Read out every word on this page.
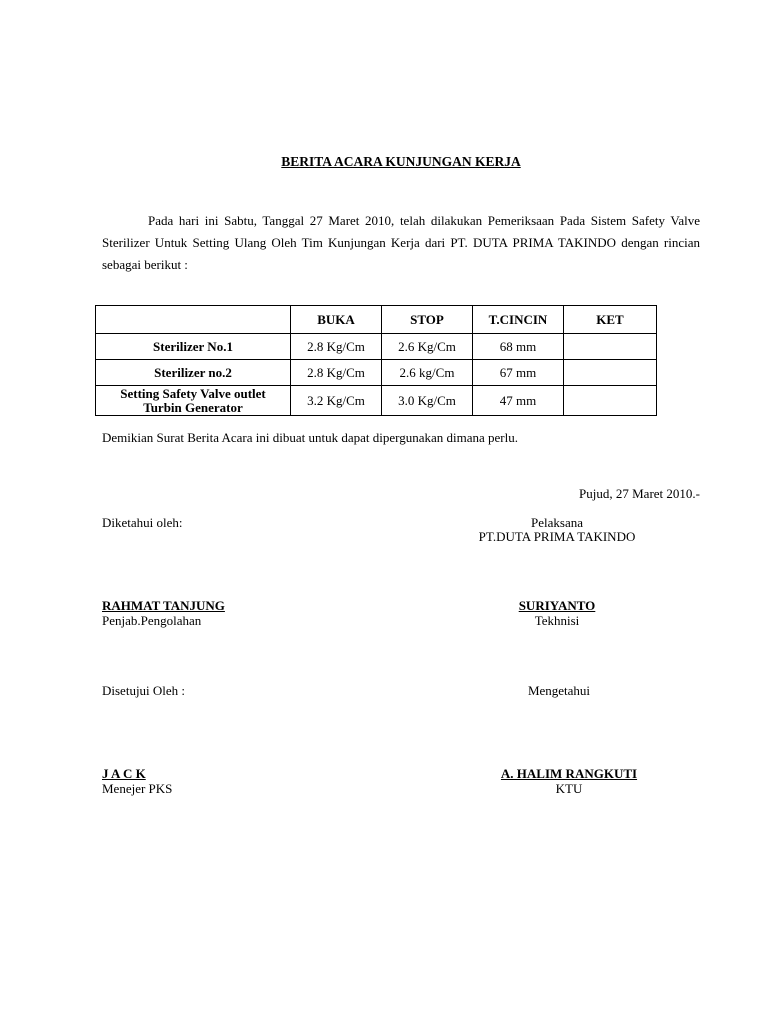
BERITA ACARA KUNJUNGAN KERJA

Pada hari ini Sabtu, Tanggal 27 Maret 2010, telah dilakukan Pemeriksaan Pada Sistem Safety Valve Sterilizer Untuk Setting Ulang Oleh Tim Kunjungan Kerja dari PT. DUTA PRIMA TAKINDO dengan rincian sebagai berikut :

	BUKA	STOP	T.CINCIN	KET
Sterilizer No.1	2.8 Kg/Cm	2.6 Kg/Cm	68 mm	
Sterilizer no.2	2.8 Kg/Cm	2.6 kg/Cm	67 mm	
Setting Safety Valve outlet
Turbin Generator	3.2 Kg/Cm	3.0 Kg/Cm	47 mm	
Demikian Surat Berita Acara ini dibuat untuk dapat dipergunakan dimana perlu.
Pujud, 27 Maret 2010.-
Diketahui oleh:	Pelaksana
PT.DUTA PRIMA TAKINDO
RAHMAT TANJUNG
Penjab.Pengolahan
SURIYANTO
Tekhnisi
Disetujui Oleh :	Mengetahui
J A C K
Menejer PKS
A. HALIM RANGKUTI
KTU
